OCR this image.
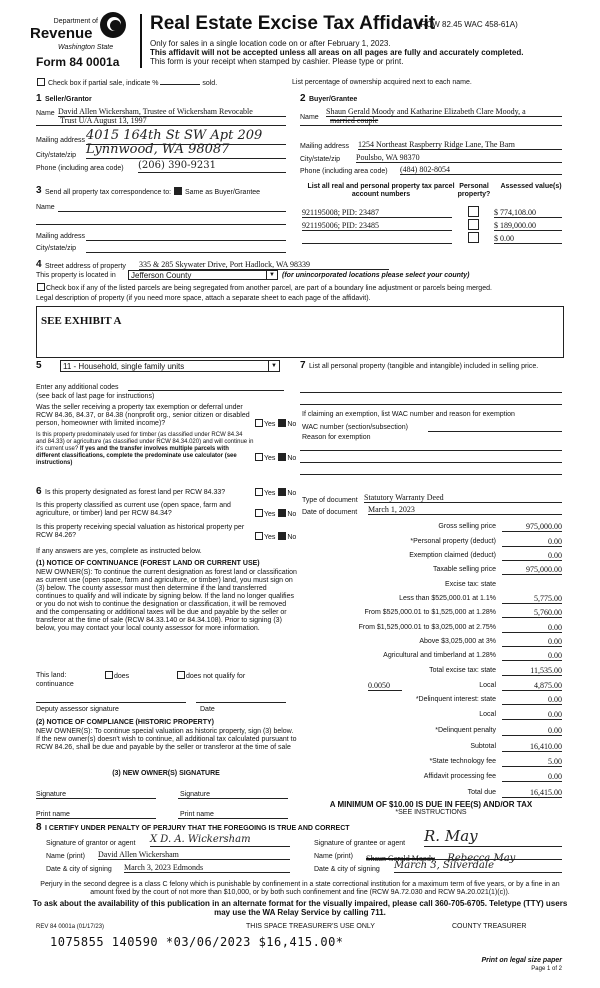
Department of
Revenue
Washington State
Form 84 0001a
Real Estate Excise Tax Affidavit
(RCW 82.45 WAC 458-61A)
Only for sales in a single location code on or after February 1, 2023.
This affidavit will not be accepted unless all areas on all pages are fully and accurately completed.
This form is your receipt when stamped by cashier. Please type or print.
Check box if partial sale, indicate %	sold.	List percentage of ownership acquired next to each name.
1 Seller/Grantor
Name David Allen Wickersham, Trustee of Wickersham Revocable
Trust U/A August 13, 1997
Mailing address 4015 164th St SW Apt 209
City/state/zip Lynnwood, WA 98087
Phone (including area code) (206) 390-9231
2 Buyer/Grantee
Name
Shaun Gerald Moody and Katharine Elizabeth Clare Moody, a
married couple
Mailing address 1254 Northeast Raspberry Ridge Lane, The Barn
City/state/zip Poulsbo, WA 98370
Phone (including area code) (484) 802-8054
3 Send all property tax correspondence to: Same as Buyer/Grantee
Name
Mailing address
City/state/zip
List all real and personal property tax parcel account numbers
Personal property?
Assessed value(s)
921195008; PID: 23487	$ 774,108.00
921195006; PID: 23485	$ 189,000.00
$ 0.00
4 Street address of property 335 & 285 Skywater Drive, Port Hadlock, WA 98339
This property is located in	Jefferson County	▼ (for unincorporated locations please select your county)
Check box if any of the listed parcels are being segregated from another parcel, are part of a boundary line adjustment or parcels being merged.
Legal description of property (if you need more space, attach a separate sheet to each page of the affidavit).
SEE EXHIBIT A
5	11 - Household, single family units	▼
Enter any additional codes
(see back of last page for instructions)
Was the seller receiving a property tax exemption or deferral under RCW 84.36, 84.37, or 84.38 (nonprofit org., senior citizen or disabled person, homeowner with limited income)?	Yes No
Is this property predominately used for timber (as classified under RCW 84.34 and 84.33) or agriculture (as classified under RCW 84.34.020) and will continue in it's current use? If yes and the transfer involves multiple parcels with different classifications, complete the predominate use calculator (see instructions)
Yes No
6 Is this property designated as forest land per RCW 84.33?	Yes No
Is this property classified as current use (open space, farm and agriculture, or timber) land per RCW 84.34?	Yes No
Is this property receiving special valuation as historical property per RCW 84.26?	Yes No
If any answers are yes, complete as instructed below.
(1) NOTICE OF CONTINUANCE (FOREST LAND OR CURRENT USE)
NEW OWNER(S): To continue the current designation as forest land or classification as current use (open space, farm and agriculture, or timber) land, you must sign on (3) below. The county assessor must then determine if the land transferred continues to qualify and will indicate by signing below. If the land no longer qualifies or you do not wish to continue the designation or classification, it will be removed and the compensating or additional taxes will be due and payable by the seller or transferor at the time of sale (RCW 84.33.140 or 84.34.108). Prior to signing (3) below, you may contact your local county assessor for more information.
This land:	does	does not qualify for
continuance
Deputy assessor signature	Date
(2) NOTICE OF COMPLIANCE (HISTORIC PROPERTY)
NEW OWNER(S): To continue special valuation as historic property, sign (3) below. If the new owner(s) doesn't wish to continue, all additional tax calculated pursuant to RCW 84.26, shall be due and payable by the seller or transferor at the time of sale
(3) NEW OWNER(S) SIGNATURE
Signature	Signature
Print name	Print name
7 List all personal property (tangible and intangible) included in selling price.
If claiming an exemption, list WAC number and reason for exemption
WAC number (section/subsection)
Reason for exemption
Type of document Statutory Warranty Deed
Date of document March 1, 2023
Gross selling price	975,000.00
*Personal property (deduct)	0.00
Exemption claimed (deduct)	0.00
Taxable selling price	975,000.00
Excise tax: state
Less than $525,000.01 at 1.1%	5,775.00
From $525,000.01 to $1,525,000 at 1.28%	5,760.00
From $1,525,000.01 to $3,025,000 at 2.75%	0.00
Above $3,025,000 at 3%	0.00
Agricultural and timberland at 1.28%	0.00
Total excise tax: state	11,535.00
0.0050	Local	4,875.00
*Delinquent interest: state	0.00
Local	0.00
*Delinquent penalty	0.00
Subtotal	16,410.00
*State technology fee	5.00
Affidavit processing fee	0.00
Total due	16,415.00
A MINIMUM OF $10.00 IS DUE IN FEE(S) AND/OR TAX
*SEE INSTRUCTIONS
8 I CERTIFY UNDER PENALTY OF PERJURY THAT THE FOREGOING IS TRUE AND CORRECT
Signature of grantor or agent X D. A. Wickersham
Name (print) David Allen Wickersham
Date & city of signing March 3, 2023 Edmonds
Signature of grantee or agent R. May
Name (print) Shaun Gerald Moody Rebecca May
Date & city of signing March 3, Silverdale
Perjury in the second degree is a class C felony which is punishable by confinement in a state correctional institution for a maximum term of five years, or by a fine in an amount fixed by the court of not more than $10,000, or by both such confinement and fine (RCW 9A.72.030 and RCW 9A.20.021(1)(c)).
To ask about the availability of this publication in an alternate format for the visually impaired, please call 360-705-6705. Teletype (TTY) users may use the WA Relay Service by calling 711.
REV 84 0001a (01/17/23)	THIS SPACE TREASURER'S USE ONLY	COUNTY TREASURER
1075855 140590 *03/06/2023 $16,415.00*
Print on legal size paper
Page 1 of 2
